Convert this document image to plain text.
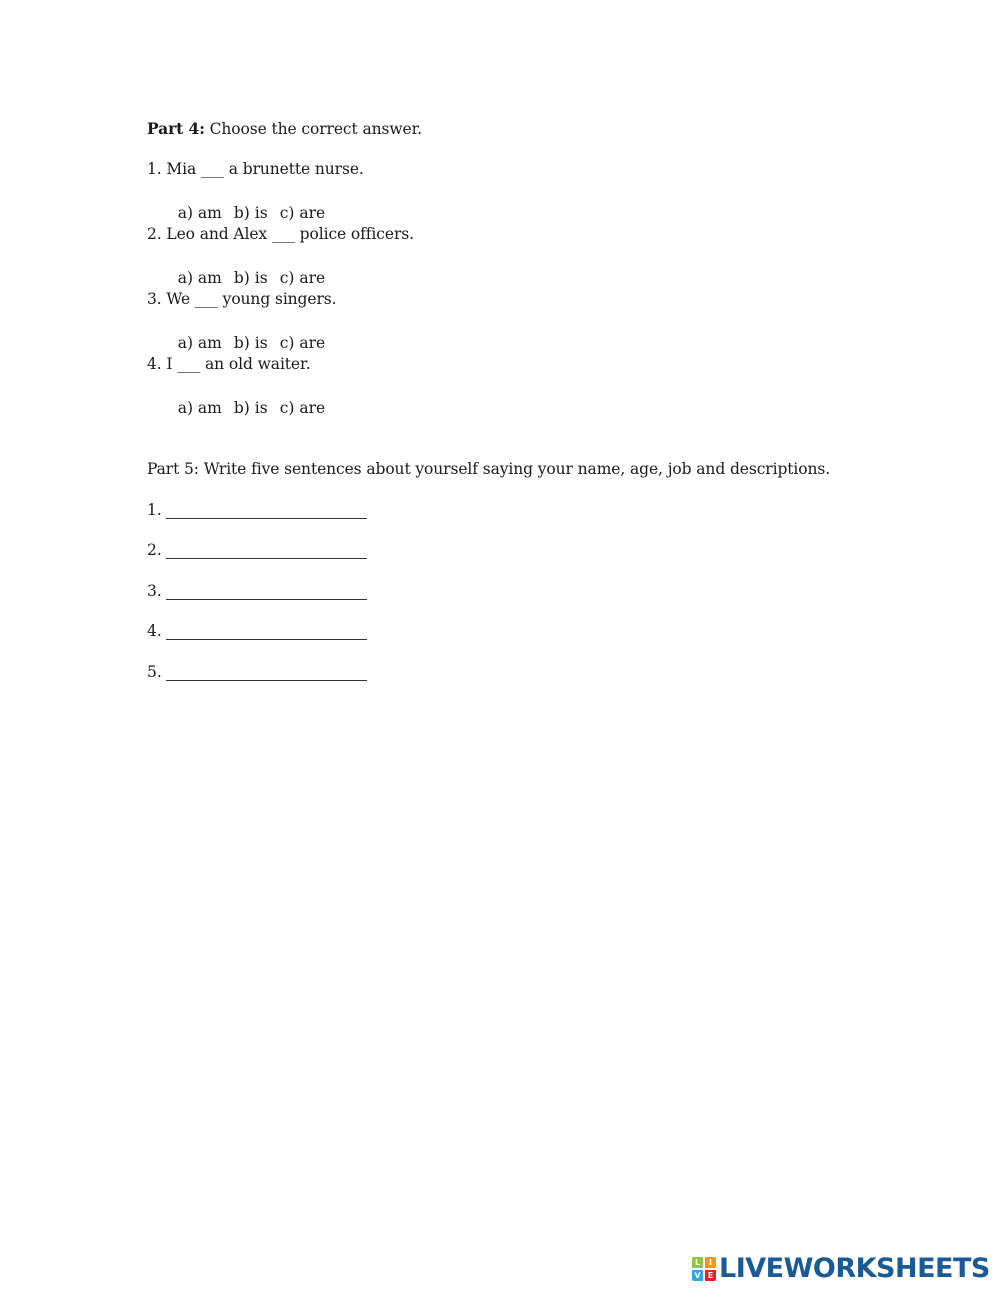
Part 4: Choose the correct answer.
1. Mia ___ a brunette nurse.

a) am b) is c) are

2. Leo and Alex ___ police officers.

a) am b) is c) are

3. We ___ young singers.

a) am b) is c) are

4. I ___ an old waiter.

a) am b) is c) are

Part 5: Write five sentences about yourself saying your name, age, job and descriptions.
1.
2.
3.
4.
5.
L	I
V E LIVEWORKSHEETS
